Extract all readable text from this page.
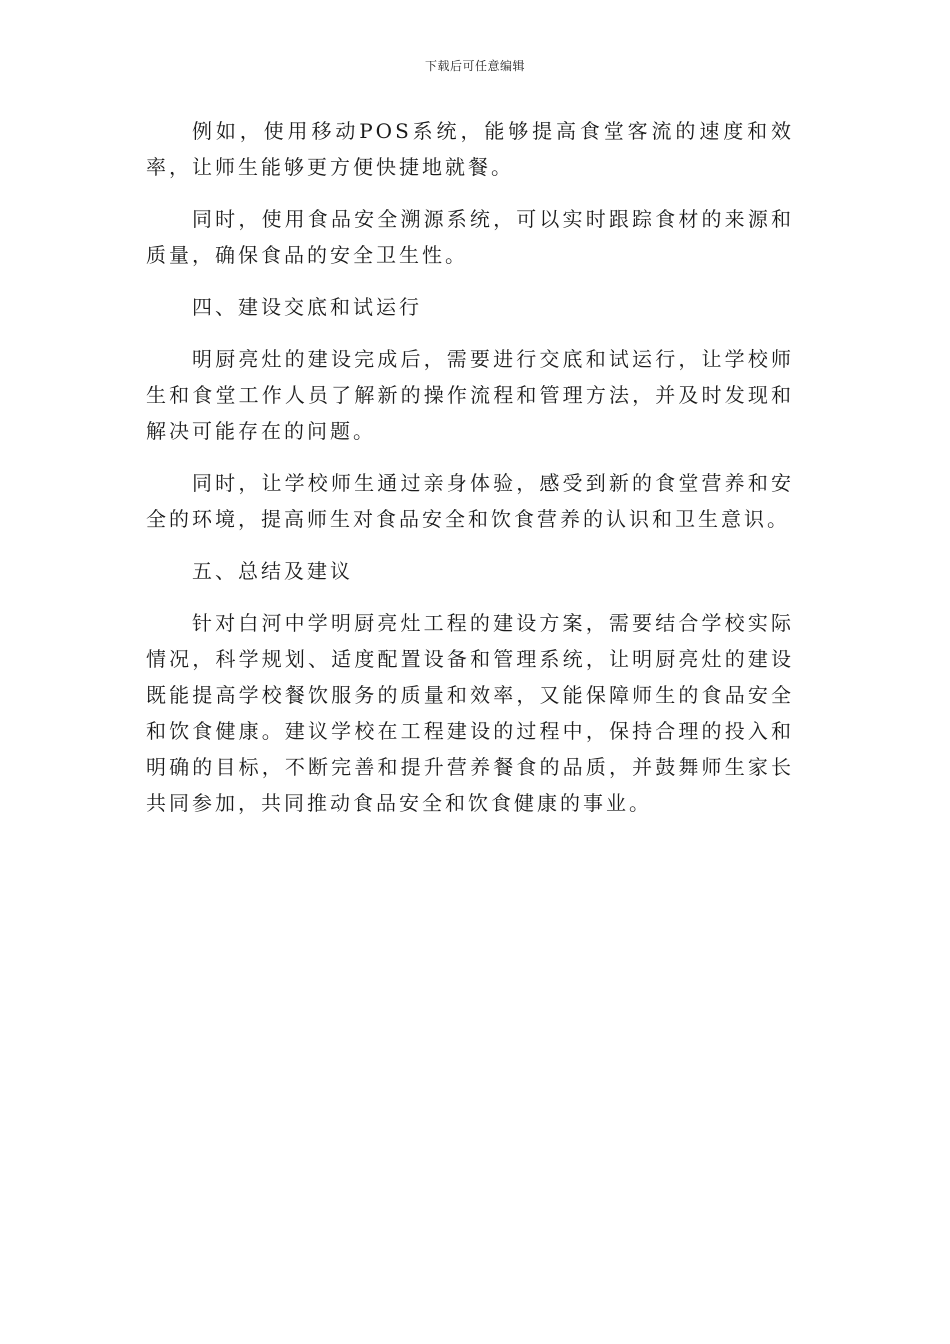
下载后可任意编辑

例如，使用移动POS系统，能够提高食堂客流的速度和效率，让师生能够更方便快捷地就餐。

同时，使用食品安全溯源系统，可以实时跟踪食材的来源和质量，确保食品的安全卫生性。

四、建设交底和试运行

明厨亮灶的建设完成后，需要进行交底和试运行，让学校师生和食堂工作人员了解新的操作流程和管理方法，并及时发现和解决可能存在的问题。

同时，让学校师生通过亲身体验，感受到新的食堂营养和安全的环境，提高师生对食品安全和饮食营养的认识和卫生意识。

五、总结及建议

针对白河中学明厨亮灶工程的建设方案，需要结合学校实际情况，科学规划、适度配置设备和管理系统，让明厨亮灶的建设既能提高学校餐饮服务的质量和效率，又能保障师生的食品安全和饮食健康。建议学校在工程建设的过程中，保持合理的投入和明确的目标，不断完善和提升营养餐食的品质，并鼓舞师生家长共同参加，共同推动食品安全和饮食健康的事业。
